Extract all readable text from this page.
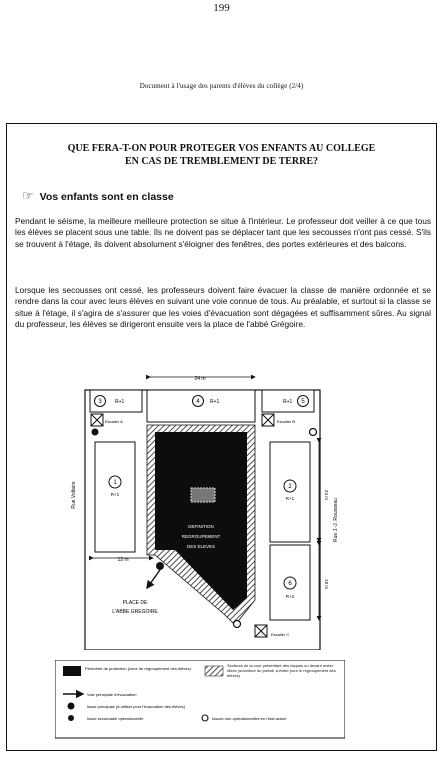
199
Document à l'usage des parents d'élèves du collège (2/4)
QUE FERA-T-ON POUR PROTEGER VOS ENFANTS AU COLLEGE
EN CAS DE TREMBLEMENT DE TERRE?
☞ Vos enfants sont en classe
Pendant le séisme, la meilleure meilleure protection se situe à l'intérieur. Le professeur doit veiller à ce que tous les élèves se placent sous une table. Ils ne doivent pas se déplacer tant que les secousses n'ont pas cessé. S'ils se trouvent à l'étage, ils doivent absolument s'éloigner des fenêtres, des portes extérieures et des balcons.
Lorsque les secousses ont cessé, les professeurs doivent faire évacuer la classe de manière ordonnée et se rendre dans la cour avec leurs élèves en suivant une voie connue de tous. Au préalable, et surtout si la classe se situe à l'étage, il s'agira de s'assurer que les voies d'évacuation sont dégagées et suffisamment sûres. Au signal du professeur, les élèves se dirigeront ensuite vers la place de l'abbé Grégoire.
24 m
3	R+1	4 R+1	R+1 5
Escalier A	Escalier B
DEFINITION
REGROUPEMENT
DES ELEVES
1
R+1
2
R+1
6
R+2
Escalier C
12 m
24 m
18 m
Rue Voltaire
Rue J.-J. Rousseau
PLACE DE
L'ABBE GREGOIRE
Périmètre de protection (zone de regroupement des élèves)
Secteurs de la cour présentant des risques ou devant rester libres (ouverture du portail, à éviter pour le regroupement des élèves)
Voie principale d'évacuation
Issue principale (à utiliser pour l'évacuation des élèves)
Issue secondaire opérationnelle	Issues non opérationnelles en l'état actuel
